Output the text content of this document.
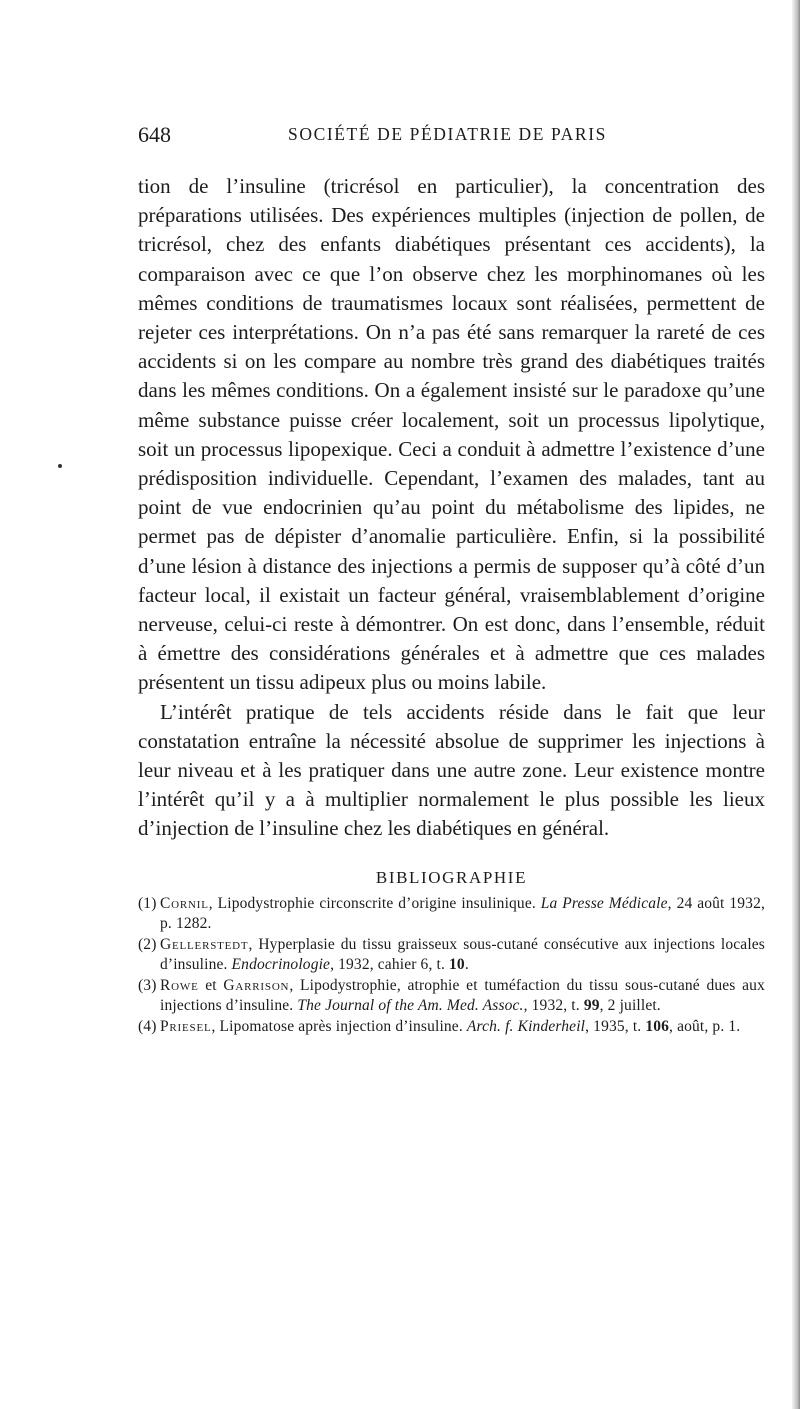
648	SOCIÉTÉ DE PÉDIATRIE DE PARIS

tion de l’insuline (tricrésol en particulier), la concentration des préparations utilisées. Des expériences multiples (injection de pollen, de tricrésol, chez des enfants diabétiques présentant ces accidents), la comparaison avec ce que l’on observe chez les morphinomanes où les mêmes conditions de traumatismes locaux sont réalisées, permettent de rejeter ces interprétations. On n’a pas été sans remarquer la rareté de ces accidents si on les compare au nombre très grand des diabétiques traités dans les mêmes conditions. On a également insisté sur le paradoxe qu’une même substance puisse créer localement, soit un processus lipolytique, soit un processus lipopexique. Ceci a conduit à admettre l’existence d’une prédisposition individuelle. Cependant, l’examen des malades, tant au point de vue endocrinien qu’au point du métabolisme des lipides, ne permet pas de dépister d’anomalie particulière. Enfin, si la possibilité d’une lésion à distance des injections a permis de supposer qu’à côté d’un facteur local, il existait un facteur général, vraisemblablement d’origine nerveuse, celui-ci reste à démontrer. On est donc, dans l’ensemble, réduit à émettre des considérations générales et à admettre que ces malades présentent un tissu adipeux plus ou moins labile.

L’intérêt pratique de tels accidents réside dans le fait que leur constatation entraîne la nécessité absolue de supprimer les injections à leur niveau et à les pratiquer dans une autre zone. Leur existence montre l’intérêt qu’il y a à multiplier normalement le plus possible les lieux d’injection de l’insuline chez les diabétiques en général.

BIBLIOGRAPHIE
(1) Cornil, Lipodystrophie circonscrite d’origine insulinique. La Presse Médicale, 24 août 1932, p. 1282.
(2) Gellerstedt, Hyperplasie du tissu graisseux sous-cutané consécutive aux injections locales d’insuline. Endocrinologie, 1932, cahier 6, t. 10.
(3) Rowe et Garrison, Lipodystrophie, atrophie et tuméfaction du tissu sous-cutané dues aux injections d’insuline. The Journal of the Am. Med. Assoc., 1932, t. 99, 2 juillet.
(4) Priesel, Lipomatose après injection d’insuline. Arch. f. Kinderheil, 1935, t. 106, août, p. 1.
